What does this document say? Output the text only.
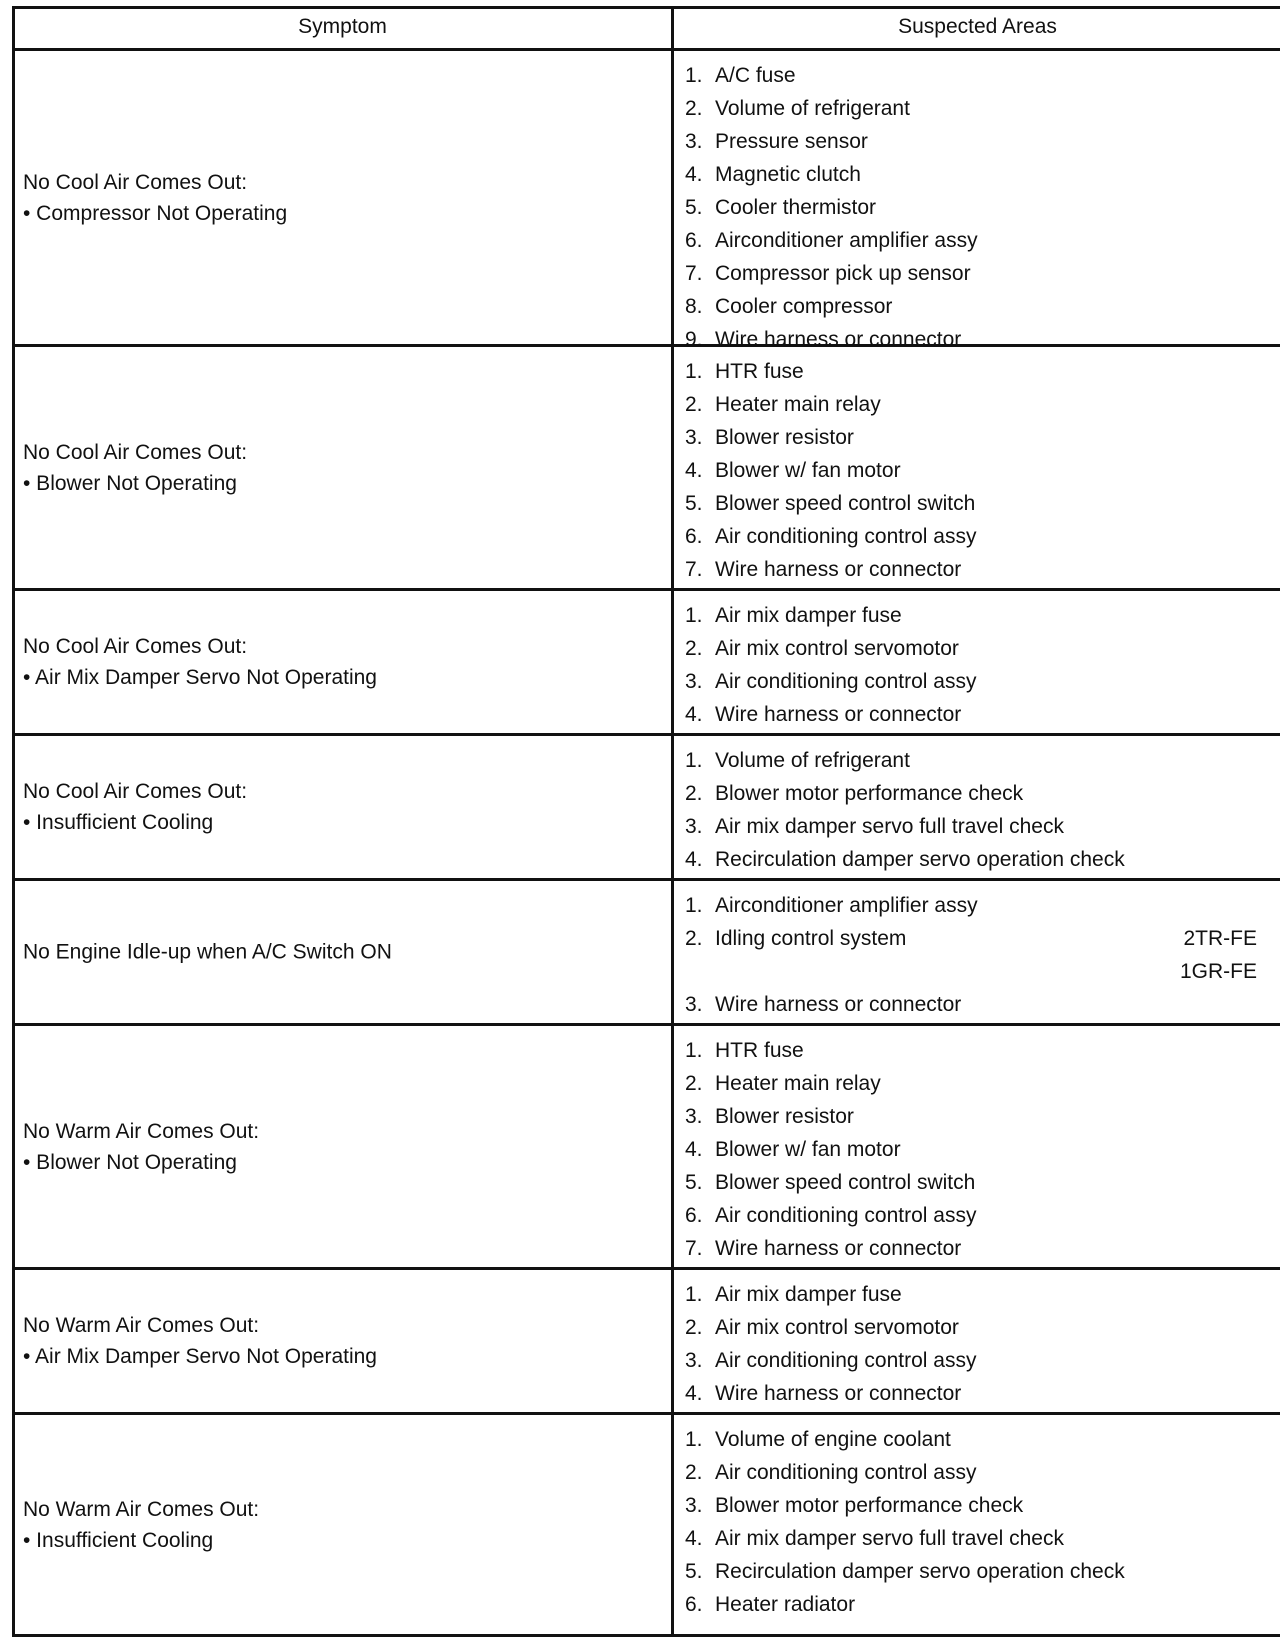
Symptom	Suspected Areas
No Cool Air Comes Out:
• Compressor Not Operating
1. A/C fuse
2. Volume of refrigerant
3. Pressure sensor
4. Magnetic clutch
5. Cooler thermistor
6. Airconditioner amplifier assy
7. Compressor pick up sensor
8. Cooler compressor
9. Wire harness or connector
No Cool Air Comes Out:
• Blower Not Operating
1. HTR fuse
2. Heater main relay
3. Blower resistor
4. Blower w/ fan motor
5. Blower speed control switch
6. Air conditioning control assy
7. Wire harness or connector
No Cool Air Comes Out:
• Air Mix Damper Servo Not Operating
1. Air mix damper fuse
2. Air mix control servomotor
3. Air conditioning control assy
4. Wire harness or connector
No Cool Air Comes Out:
• Insufficient Cooling
1. Volume of refrigerant
2. Blower motor performance check
3. Air mix damper servo full travel check
4. Recirculation damper servo operation check
No Engine Idle-up when A/C Switch ON
1. Airconditioner amplifier assy
2. Idling control system	2TR-FE
1GR-FE
3. Wire harness or connector
No Warm Air Comes Out:
• Blower Not Operating
1. HTR fuse
2. Heater main relay
3. Blower resistor
4. Blower w/ fan motor
5. Blower speed control switch
6. Air conditioning control assy
7. Wire harness or connector
No Warm Air Comes Out:
• Air Mix Damper Servo Not Operating
1. Air mix damper fuse
2. Air mix control servomotor
3. Air conditioning control assy
4. Wire harness or connector
No Warm Air Comes Out:
• Insufficient Cooling
1. Volume of engine coolant
2. Air conditioning control assy
3. Blower motor performance check
4. Air mix damper servo full travel check
5. Recirculation damper servo operation check
6. Heater radiator
